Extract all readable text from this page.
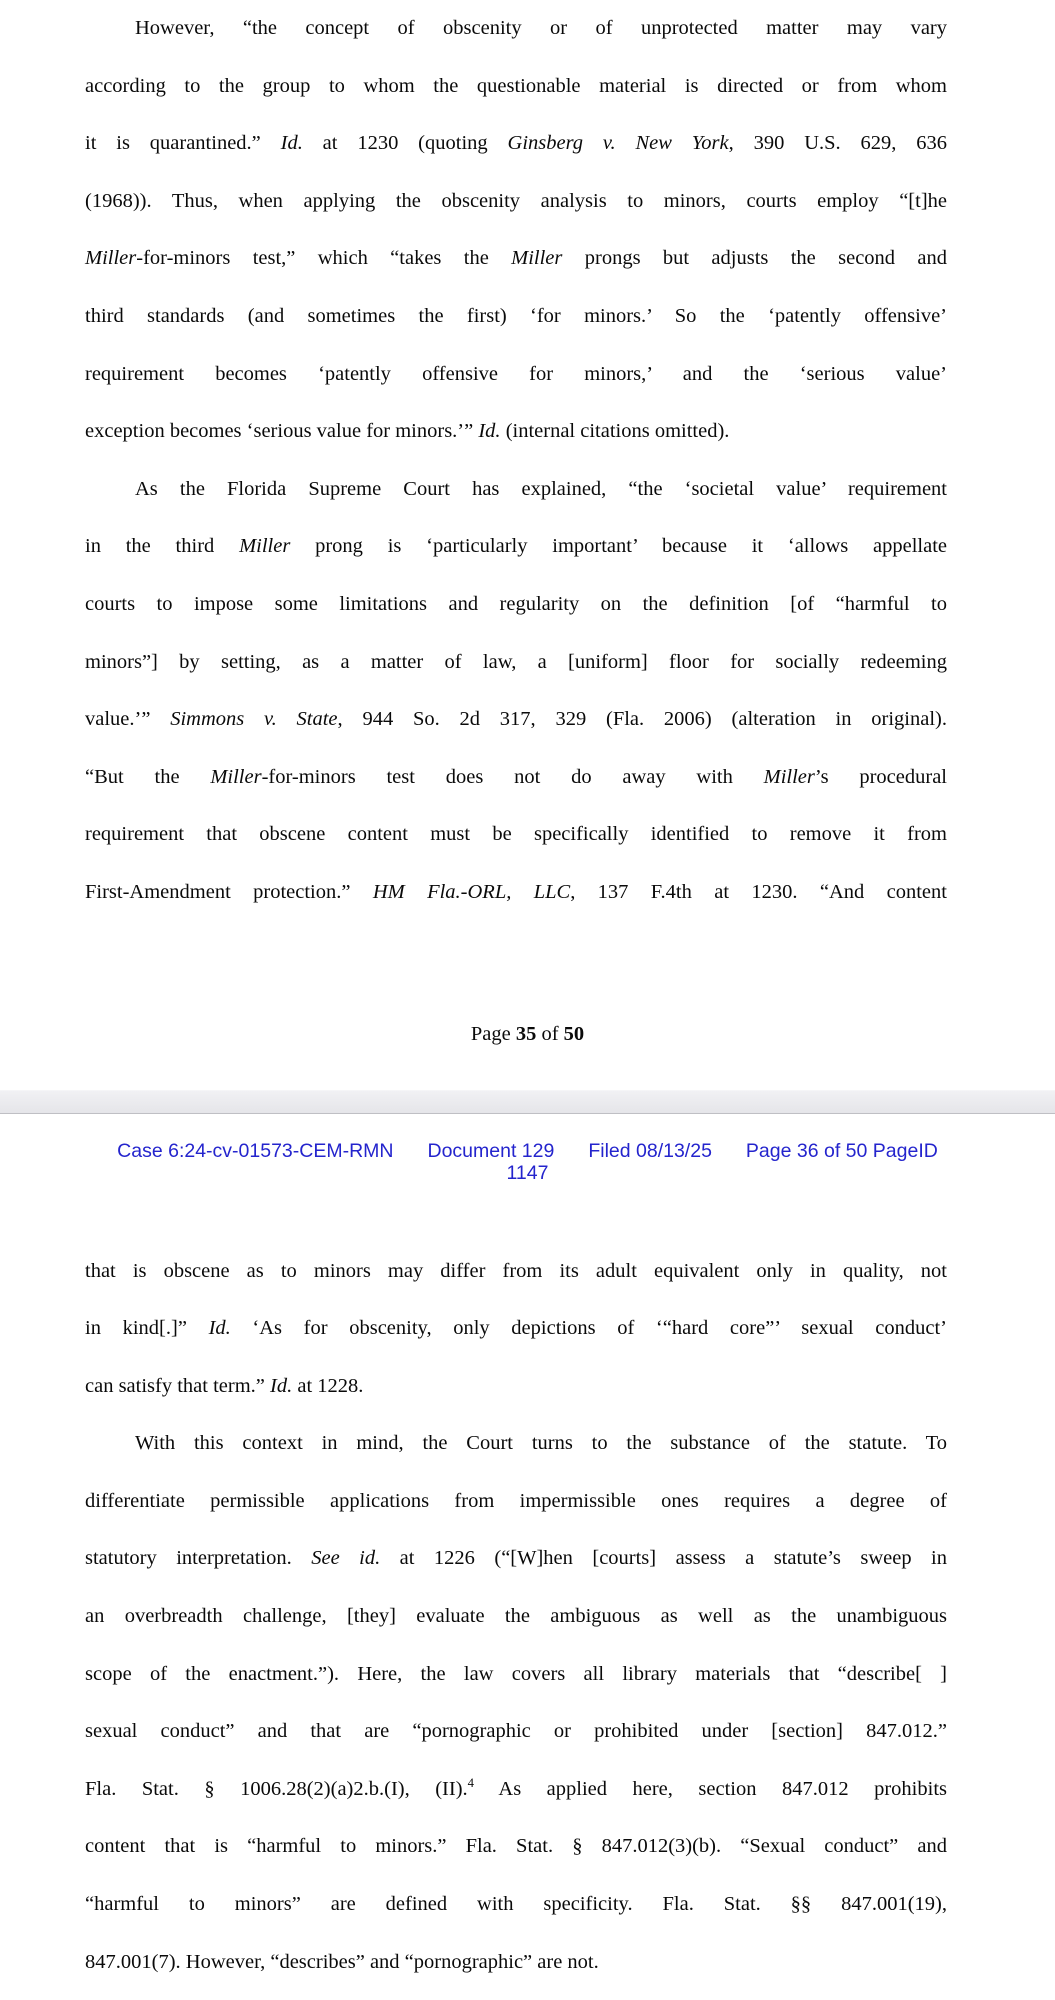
However, “the concept of obscenity or of unprotected matter may vary
according to the group to whom the questionable material is directed or from whom
it is quarantined.” Id. at 1230 (quoting Ginsberg v. New York, 390 U.S. 629, 636
(1968)). Thus, when applying the obscenity analysis to minors, courts employ “[t]he
Miller-for-minors test,” which “takes the Miller prongs but adjusts the second and
third standards (and sometimes the first) ‘for minors.’ So the ‘patently offensive’
requirement becomes ‘patently offensive for minors,’ and the ‘serious value’
exception becomes ‘serious value for minors.’” Id. (internal citations omitted).
As the Florida Supreme Court has explained, “the ‘societal value’ requirement
in the third Miller prong is ‘particularly important’ because it ‘allows appellate
courts to impose some limitations and regularity on the definition [of “harmful to
minors”] by setting, as a matter of law, a [uniform] floor for socially redeeming
value.’” Simmons v. State, 944 So. 2d 317, 329 (Fla. 2006) (alteration in original).
“But the Miller-for-minors test does not do away with Miller’s procedural
requirement that obscene content must be specifically identified to remove it from
First-Amendment protection.” HM Fla.-ORL, LLC, 137 F.4th at 1230. “And content
Page 35 of 50
Case 6:24-cv-01573-CEM-RMN Document 129 Filed 08/13/25 Page 36 of 50 PageID
1147
that is obscene as to minors may differ from its adult equivalent only in quality, not
in kind[.]” Id. ‘As for obscenity, only depictions of ‘“hard core”’ sexual conduct’
can satisfy that term.” Id. at 1228.
With this context in mind, the Court turns to the substance of the statute. To
differentiate permissible applications from impermissible ones requires a degree of
statutory interpretation. See id. at 1226 (“[W]hen [courts] assess a statute’s sweep in
an overbreadth challenge, [they] evaluate the ambiguous as well as the unambiguous
scope of the enactment.”). Here, the law covers all library materials that “describe[ ]
sexual conduct” and that are “pornographic or prohibited under [section] 847.012.”
Fla. Stat. § 1006.28(2)(a)2.b.(I), (II).$^4$ As applied here, section 847.012 prohibits
content that is “harmful to minors.” Fla. Stat. § 847.012(3)(b). “Sexual conduct” and
“harmful to minors” are defined with specificity. Fla. Stat. §§ 847.001(19),
847.001(7). However, “describes” and “pornographic” are not.
